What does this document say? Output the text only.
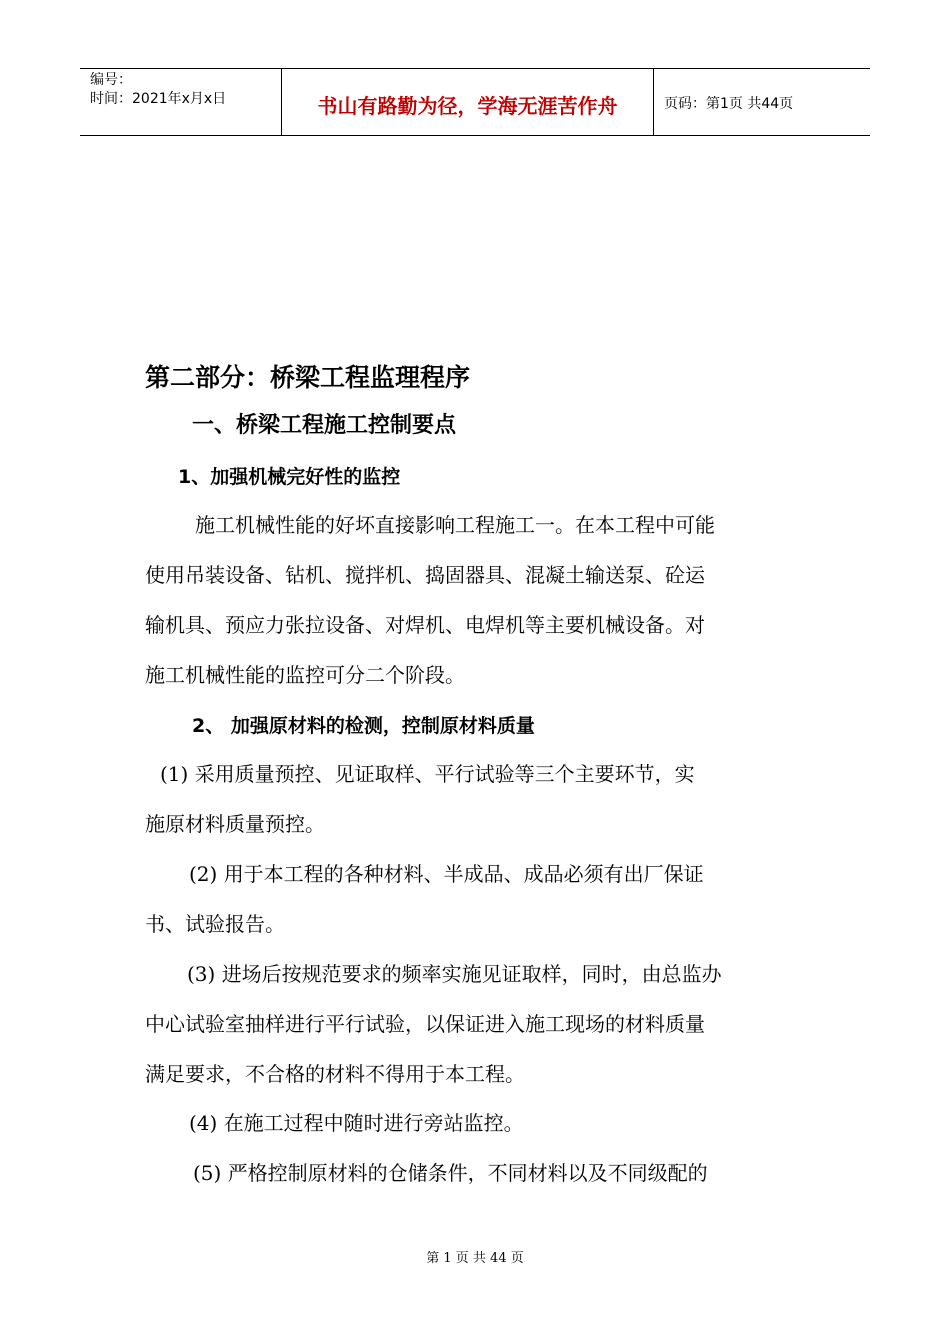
编号：
时间：2021年x月x日	书山有路勤为径，学海无涯苦作舟	页码：第1页 共44页
第二部分：桥梁工程监理程序
一、桥梁工程施工控制要点
1、加强机械完好性的监控

施工机械性能的好坏直接影响工程施工一。在本工程中可能
使用吊装设备、钻机、搅拌机、捣固器具、混凝土输送泵、砼运
输机具、预应力张拉设备、对焊机、电焊机等主要机械设备。对
施工机械性能的监控可分二个阶段。

2、 加强原材料的检测，控制原材料质量

(1) 采用质量预控、见证取样、平行试验等三个主要环节，实
施原材料质量预控。

(2) 用于本工程的各种材料、半成品、成品必须有出厂保证
书、试验报告。

(3) 进场后按规范要求的频率实施见证取样，同时，由总监办
中心试验室抽样进行平行试验，以保证进入施工现场的材料质量
满足要求，不合格的材料不得用于本工程。

(4) 在施工过程中随时进行旁站监控。

(5) 严格控制原材料的仓储条件，不同材料以及不同级配的

第 1 页 共 44 页
